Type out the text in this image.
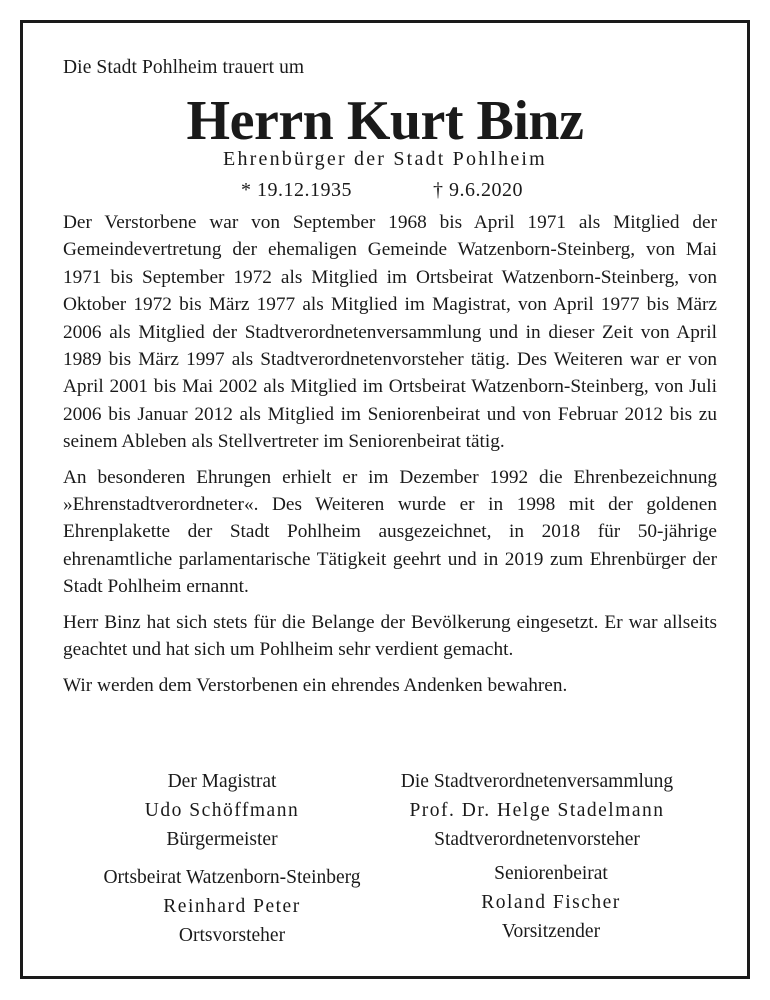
Die Stadt Pohlheim trauert um
Herrn Kurt Binz
Ehrenbürger der Stadt Pohlheim
* 19.12.1935	† 9.6.2020

Der Verstorbene war von September 1968 bis April 1971 als Mitglied der Gemeindevertretung der ehemaligen Gemeinde Watzenborn-Steinberg, von Mai 1971 bis September 1972 als Mitglied im Ortsbeirat Watzenborn-Steinberg, von Oktober 1972 bis März 1977 als Mitglied im Magistrat, von April 1977 bis März 2006 als Mitglied der Stadtverordnetenversammlung und in dieser Zeit von April 1989 bis März 1997 als Stadtverordnetenvorsteher tätig. Des Weiteren war er von April 2001 bis Mai 2002 als Mitglied im Ortsbeirat Watzenborn-Steinberg, von Juli 2006 bis Januar 2012 als Mitglied im Seniorenbeirat und von Februar 2012 bis zu seinem Ableben als Stellvertreter im Seniorenbeirat tätig.

An besonderen Ehrungen erhielt er im Dezember 1992 die Ehrenbezeichnung »Ehrenstadtverordneter«. Des Weiteren wurde er in 1998 mit der goldenen Ehrenplakette der Stadt Pohlheim ausgezeichnet, in 2018 für 50-jährige ehrenamtliche parlamentarische Tätigkeit geehrt und in 2019 zum Ehrenbürger der Stadt Pohlheim ernannt.

Herr Binz hat sich stets für die Belange der Bevölkerung eingesetzt. Er war allseits geachtet und hat sich um Pohlheim sehr verdient gemacht.

Wir werden dem Verstorbenen ein ehrendes Andenken bewahren.

Der Magistrat
Udo Schöffmann
Bürgermeister
Die Stadtverordnetenversammlung
Prof. Dr. Helge Stadelmann
Stadtverordnetenvorsteher
Ortsbeirat Watzenborn-Steinberg
Reinhard Peter
Ortsvorsteher
Seniorenbeirat
Roland Fischer
Vorsitzender
